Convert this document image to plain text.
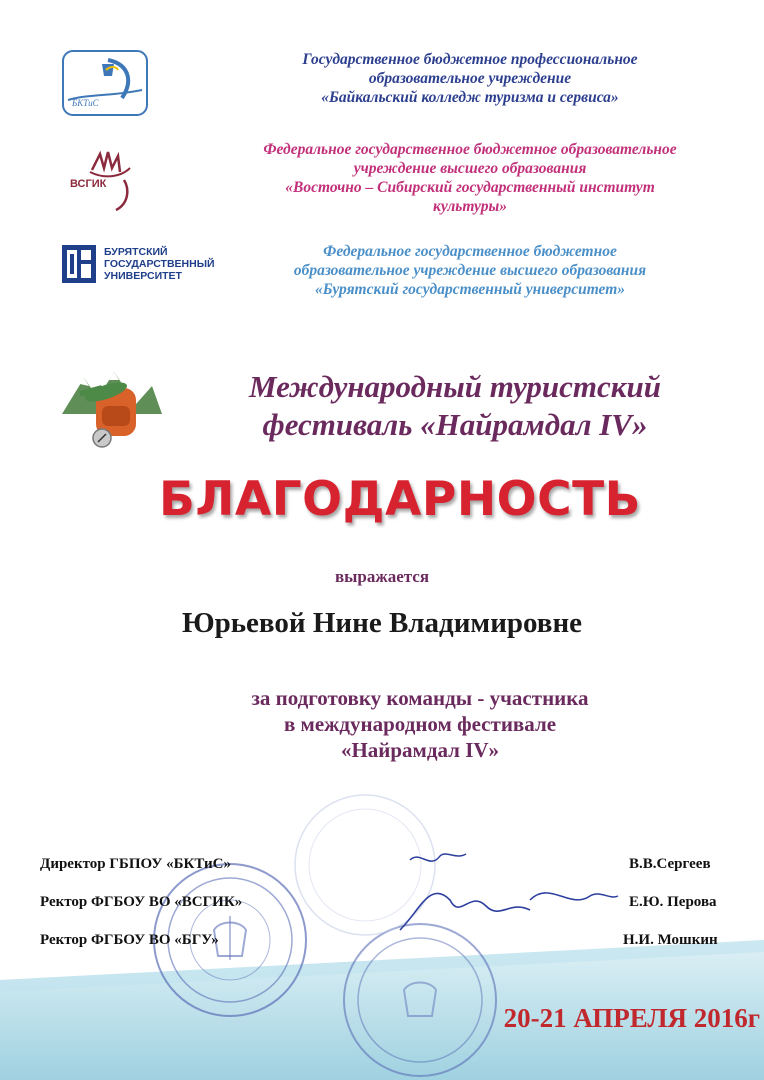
БКТиС
ВСГИК
БУРЯТСКИЙ
ГОСУДАРСТВЕННЫЙ
УНИВЕРСИТЕТ
Государственное бюджетное профессиональное
образовательное учреждение
«Байкальский колледж туризма и сервиса»
Федеральное государственное бюджетное образовательное
учреждение высшего образования
«Восточно – Сибирский государственный институт
культуры»
Федеральное государственное бюджетное
образовательное учреждение высшего образования
«Бурятский государственный университет»
Международный туристский
фестиваль «Найрамдал IV»
БЛАГОДАРНОСТЬ
выражается
Юрьевой Нине Владимировне
за подготовку команды - участника
в международном фестивале
«Найрамдал IV»
Директор ГБПОУ «БКТиС»	В.В.Сергеев
Ректор ФГБОУ ВО «ВСГИК»	Е.Ю. Перова
Ректор ФГБОУ ВО «БГУ»	Н.И. Мошкин
20-21 АПРЕЛЯ 2016г
